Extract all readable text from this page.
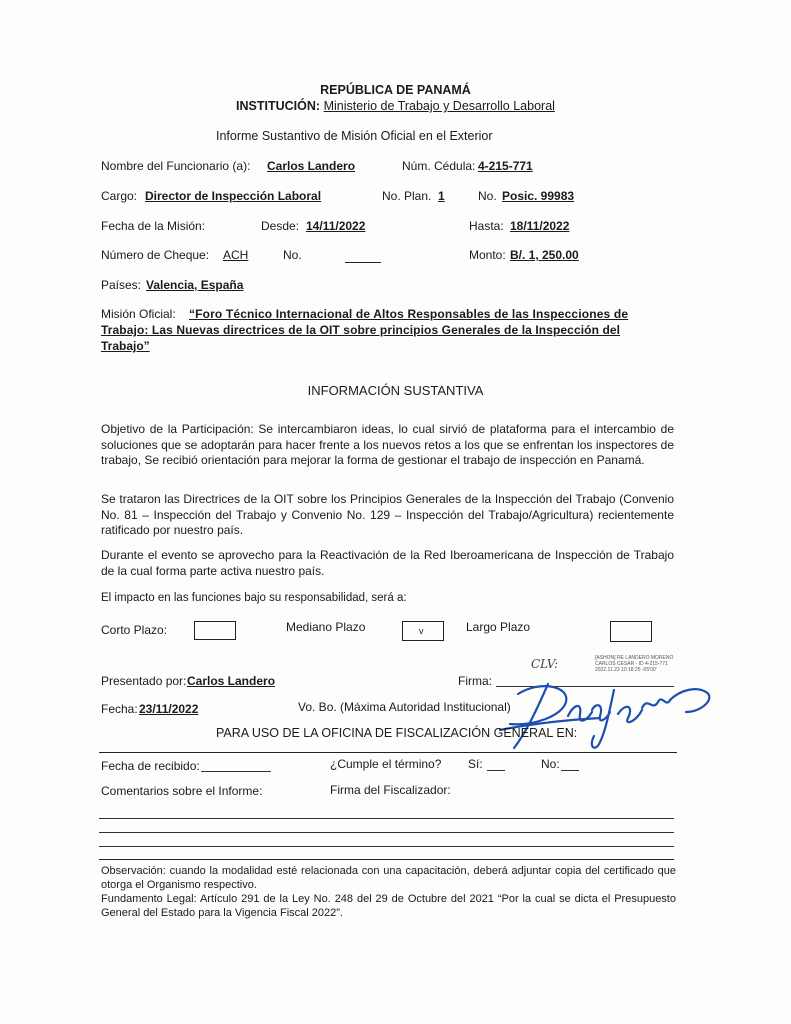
REPÚBLICA DE PANAMÁ
INSTITUCIÓN: Ministerio de Trabajo y Desarrollo Laboral
Informe Sustantivo de Misión Oficial en el Exterior
Nombre del Funcionario (a): Carlos Landero	Núm. Cédula: 4-215-771
Cargo: Director de Inspección Laboral	No. Plan. 1	No. Posic. 99983
Fecha de la Misión:	Desde: 14/11/2022	Hasta: 18/11/2022
Número de Cheque: ACH	No.	Monto: B/. 1, 250.00
Países: Valencia, España
Misión Oficial: “Foro Técnico Internacional de Altos Responsables de las Inspecciones de
Trabajo: Las Nuevas directrices de la OIT sobre principios Generales de la Inspección del
Trabajo”
INFORMACIÓN SUSTANTIVA
Objetivo de la Participación: Se intercambiaron ideas, lo cual sirvió de plataforma para el intercambio de soluciones que se adoptarán para hacer frente a los nuevos retos a los que se enfrentan los inspectores de trabajo, Se recibió orientación para mejorar la forma de gestionar el trabajo de inspección en Panamá.
Se trataron las Directrices de la OIT sobre los Principios Generales de la Inspección del Trabajo (Convenio No. 81 – Inspección del Trabajo y Convenio No. 129 – Inspección del Trabajo/Agricultura) recientemente ratificado por nuestro país.
Durante el evento se aprovecho para la Reactivación de la Red Iberoamericana de Inspección de Trabajo de la cual forma parte activa nuestro país.
El impacto en las funciones bajo su responsabilidad, será a:
Corto Plazo:	Mediano Plazo	v	Largo Plazo
Presentado por: Carlos Landero	Firma:
CLV:	[ASHON] RE LANDERO MORENO
CARLOS CESAR - ID 4-215-771
2022.11.23 10:18:25 -05'00'
Fecha: 23/11/2022	Vo. Bo. (Máxima Autoridad Institucional)
PARA USO DE LA OFICINA DE FISCALIZACIÓN GENERAL EN:
Fecha de recibido:	¿Cumple el término? Sí:	No:
Comentarios sobre el Informe:	Firma del Fiscalizador:
Observación: cuando la modalidad esté relacionada con una capacitación, deberá adjuntar copia del certificado que otorga el Organismo respectivo.
Fundamento Legal: Artículo 291 de la Ley No. 248 del 29 de Octubre del 2021 “Por la cual se dicta el Presupuesto General del Estado para la Vigencia Fiscal 2022”.
